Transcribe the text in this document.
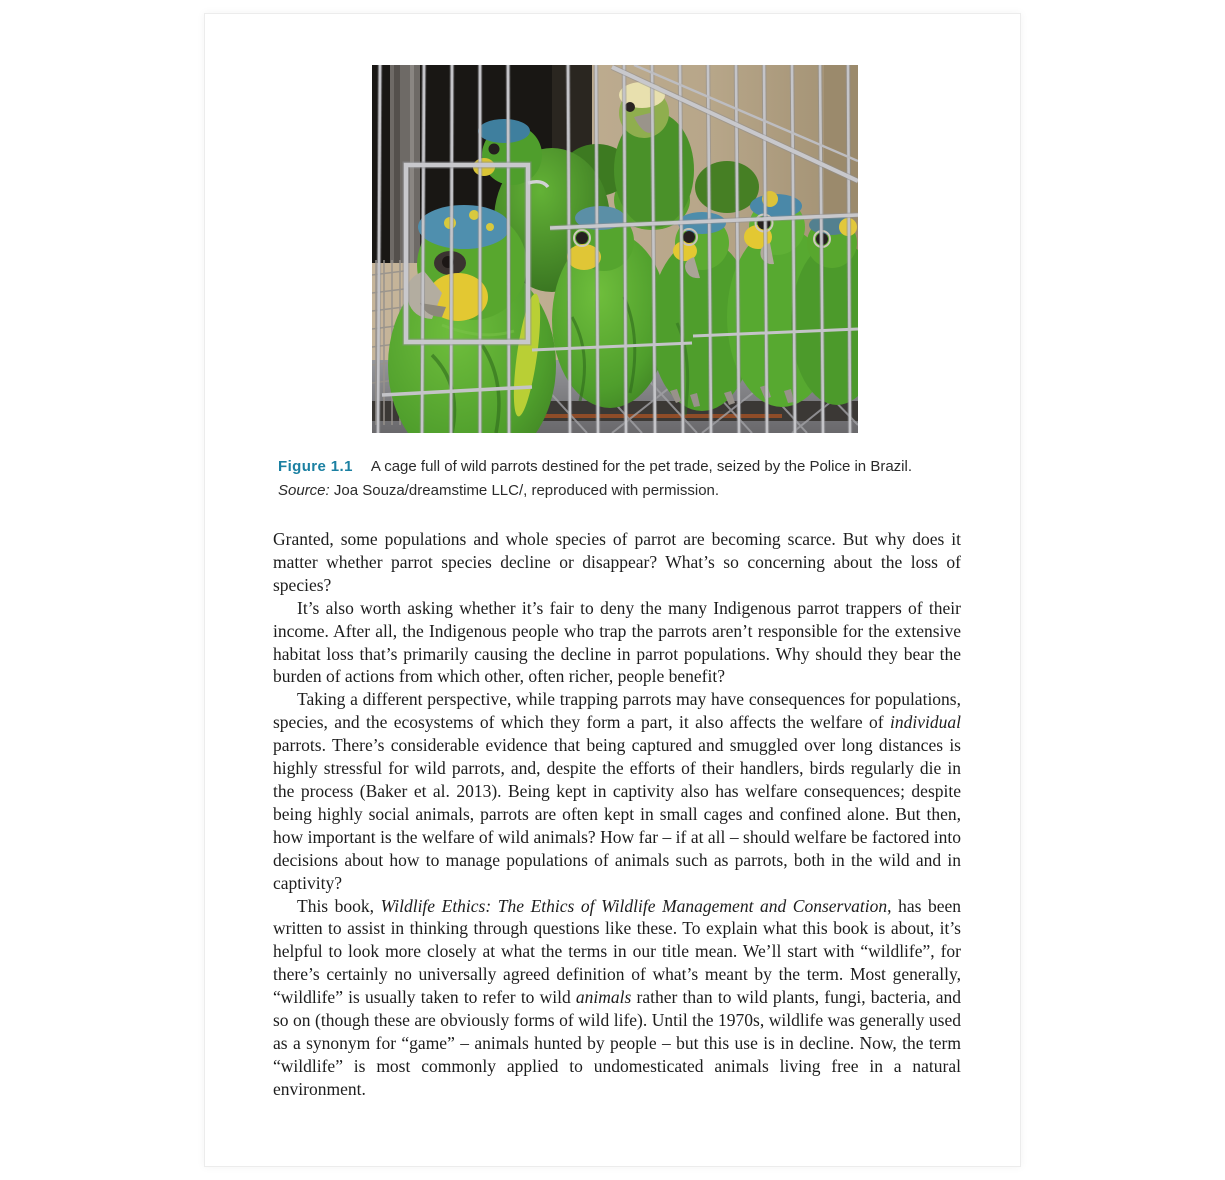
Figure 1.1 A cage full of wild parrots destined for the pet trade, seized by the Police in Brazil.
Source: Joa Souza/dreamstime LLC/, reproduced with permission.

Granted, some populations and whole species of parrot are becoming scarce. But why does it matter whether parrot species decline or disappear? What’s so concerning about the loss of species?

It’s also worth asking whether it’s fair to deny the many Indigenous parrot trappers of their income. After all, the Indigenous people who trap the parrots aren’t responsible for the extensive habitat loss that’s primarily causing the decline in parrot populations. Why should they bear the burden of actions from which other, often richer, people benefit?

Taking a different perspective, while trapping parrots may have consequences for populations, species, and the ecosystems of which they form a part, it also affects the welfare of individual parrots. There’s considerable evidence that being captured and smuggled over long distances is highly stressful for wild parrots, and, despite the efforts of their handlers, birds regularly die in the process (Baker et al. 2013). Being kept in captivity also has welfare consequences; despite being highly social animals, parrots are often kept in small cages and confined alone. But then, how important is the welfare of wild animals? How far – if at all – should welfare be factored into decisions about how to manage populations of animals such as parrots, both in the wild and in captivity?

This book, Wildlife Ethics: The Ethics of Wildlife Management and Conservation, has been written to assist in thinking through questions like these. To explain what this book is about, it’s helpful to look more closely at what the terms in our title mean. We’ll start with “wildlife”, for there’s certainly no universally agreed definition of what’s meant by the term. Most generally, “wildlife” is usually taken to refer to wild animals rather than to wild plants, fungi, bacteria, and so on (though these are obviously forms of wild life). Until the 1970s, wildlife was generally used as a synonym for “game” – animals hunted by people – but this use is in decline. Now, the term “wildlife” is most commonly applied to undomesticated animals living free in a natural environment.
